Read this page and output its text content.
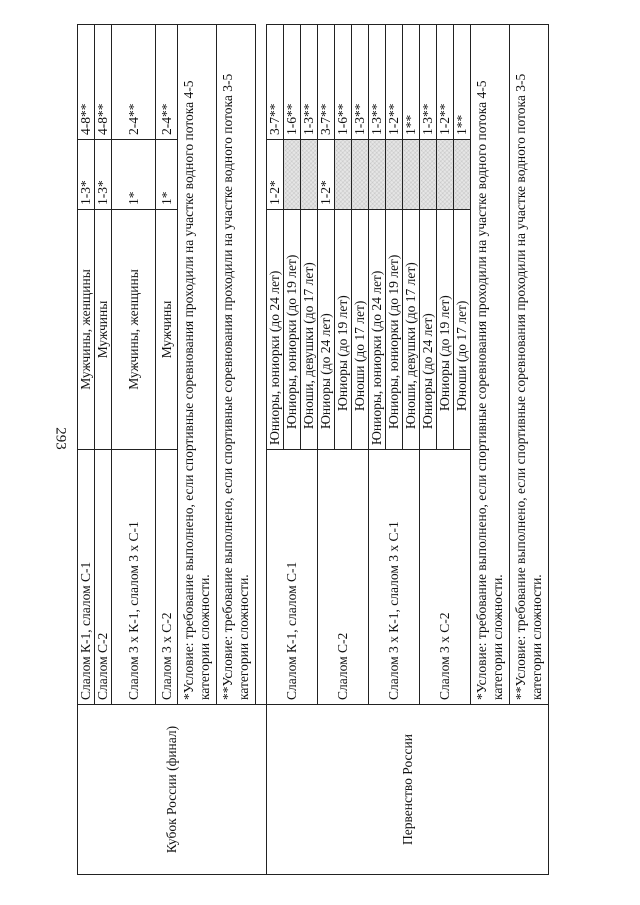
293
Кубок России (финал)	Слалом К-1, слалом С-1	Мужчины, женщины	1-3*	4-8**
	Слалом С-2	Мужчины	1-3*	4-8**
	Слалом 3 х К-1, слалом 3 х С-1	Мужчины, женщины	1*	2-4**
	Слалом 3 х С-2	Мужчины	1*	2-4**
	*Условие: требование выполнено, если спортивные соревнования проходили на участке водного потока 4-5 категории сложности.			
	**Условие: требование выполнено, если спортивные соревнования проходили на участке водного потока 3-5 категории сложности.			

Первенство России	Слалом К-1, слалом С-1	Юниоры, юниорки (до 24 лет)	1-2*	3-7**
		Юниоры, юниорки (до 19 лет)		1-6**
		Юноши, девушки (до 17 лет)		1-3**
	Слалом С-2	Юниоры (до 24 лет)	1-2*	3-7**
		Юниоры (до 19 лет)		1-6**
		Юноши (до 17 лет)		1-3**
	Слалом 3 х К-1, слалом 3 х С-1	Юниоры, юниорки (до 24 лет)		1-3**
		Юниоры, юниорки (до 19 лет)		1-2**
		Юноши, девушки (до 17 лет)		1**
	Слалом 3 х С-2	Юниоры (до 24 лет)		1-3**
		Юниоры (до 19 лет)		1-2**
		Юноши (до 17 лет)		1**
	*Условие: требование выполнено, если спортивные соревнования проходили на участке водного потока 4-5 категории сложности.			
	**Условие: требование выполнено, если спортивные соревнования проходили на участке водного потока 3-5 категории сложности.			
